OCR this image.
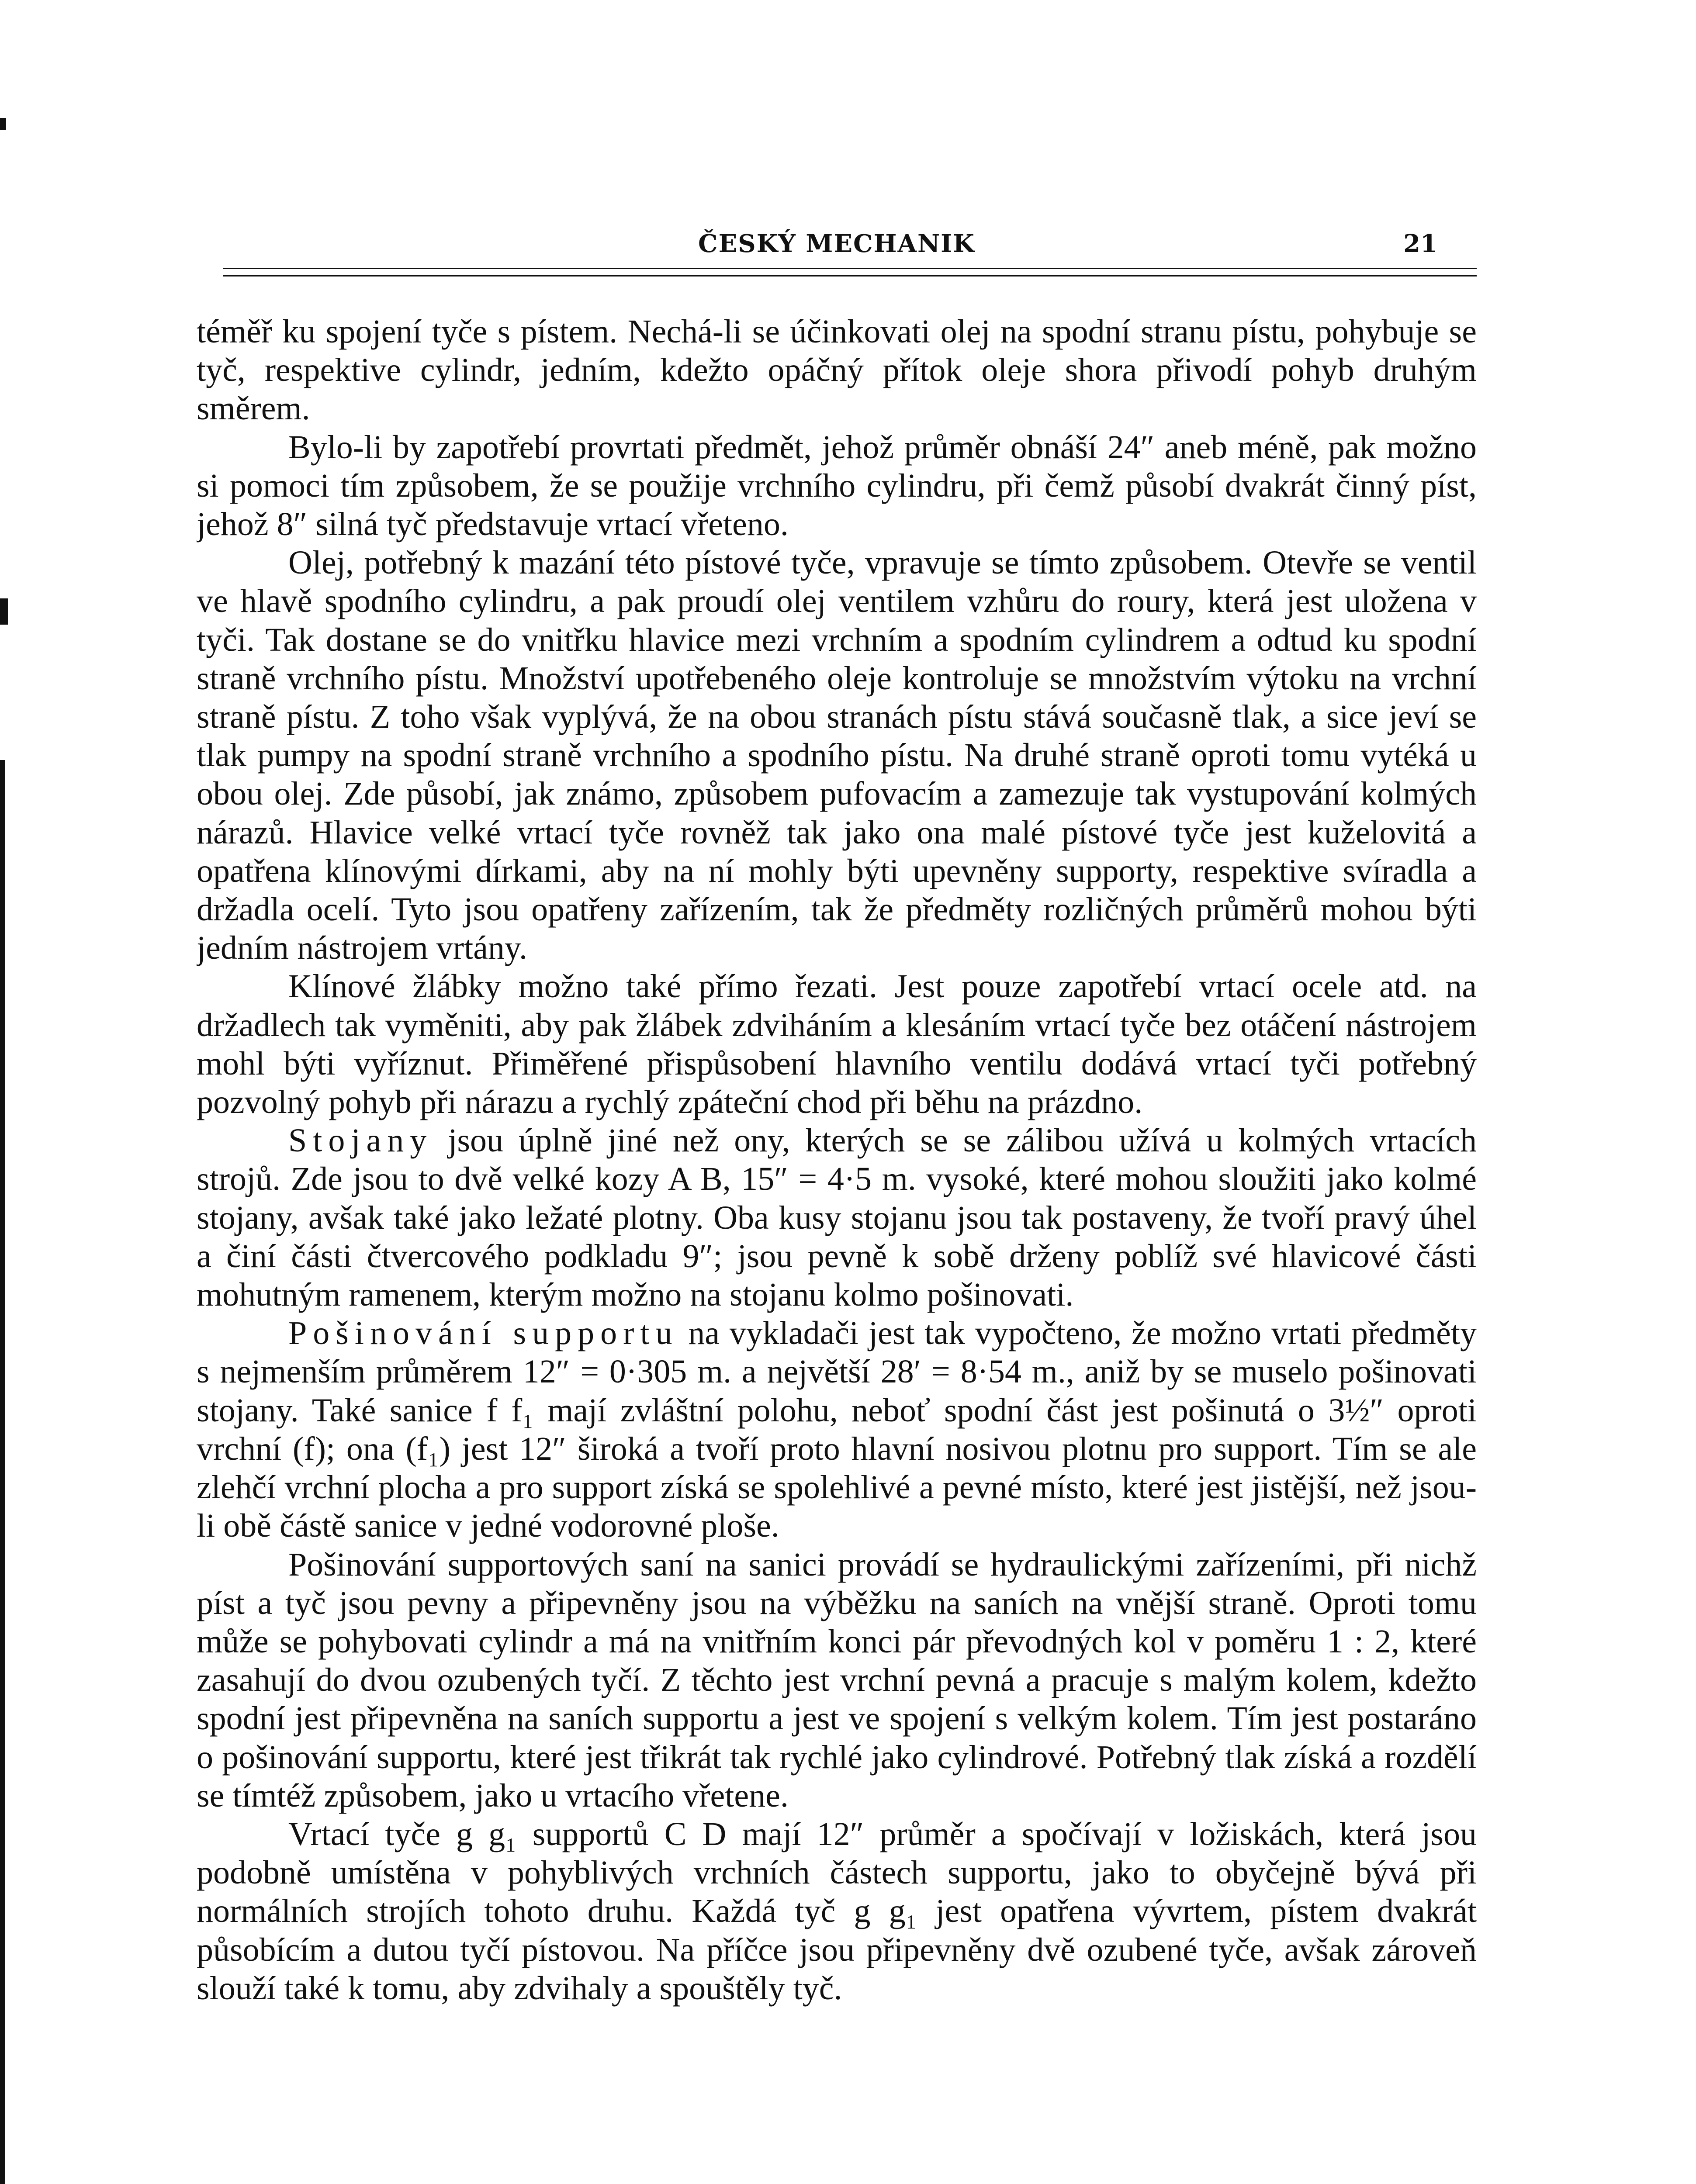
ČESKÝ MECHANIK	21

téměř ku spojení tyče s pístem. Nechá-li se účinkovati olej na spodní stranu pístu, pohybuje se tyč, respektive cylindr, jedním, kdežto opáčný přítok oleje shora přivodí pohyb druhým směrem.

Bylo-li by zapotřebí provrtati předmět, jehož průměr obnáší 24″ aneb méně, pak možno si pomoci tím způsobem, že se použije vrchního cylindru, při čemž působí dvakrát činný píst, jehož 8″ silná tyč představuje vrtací vřeteno.

Olej, potřebný k mazání této pístové tyče, vpravuje se tímto způsobem. Otevře se ventil ve hlavě spodního cylindru, a pak proudí olej ventilem vzhůru do roury, která jest uložena v tyči. Tak dostane se do vnitřku hlavice mezi vrchním a spodním cylindrem a odtud ku spodní straně vrchního pístu. Množství upotřebeného oleje kontroluje se množstvím výtoku na vrchní straně pístu. Z toho však vyplývá, že na obou stranách pístu stává současně tlak, a sice jeví se tlak pumpy na spodní straně vrchního a spodního pístu. Na druhé straně oproti tomu vytéká u obou olej. Zde působí, jak známo, způsobem pufovacím a zamezuje tak vystupování kolmých nárazů. Hlavice velké vrtací tyče rovněž tak jako ona malé pístové tyče jest kuželovitá a opatřena klínovými dírkami, aby na ní mohly býti upevněny supporty, respektive svíradla a držadla ocelí. Tyto jsou opatřeny zařízením, tak že předměty rozličných průměrů mohou býti jedním nástrojem vrtány.

Klínové žlábky možno také přímo řezati. Jest pouze zapotřebí vrtací ocele atd. na držadlech tak vyměniti, aby pak žlábek zdviháním a klesáním vrtací tyče bez otáčení nástrojem mohl býti vyříznut. Přiměřené přispůsobení hlavního ventilu dodává vrtací tyči potřebný pozvolný pohyb při nárazu a rychlý zpáteční chod při běhu na prázdno.

Stojany jsou úplně jiné než ony, kterých se se zálibou užívá u kolmých vrtacích strojů. Zde jsou to dvě velké kozy A B, 15″ = 4·5 m. vysoké, které mohou sloužiti jako kolmé stojany, avšak také jako ležaté plotny. Oba kusy stojanu jsou tak postaveny, že tvoří pravý úhel a činí části čtvercového podkladu 9″; jsou pevně k sobě drženy poblíž své hlavicové části mohutným ramenem, kterým možno na stojanu kolmo pošinovati.

Pošinování supportu na vykladači jest tak vypočteno, že možno vrtati předměty s nejmenším průměrem 12″ = 0·305 m. a největší 28′ = 8·54 m., aniž by se muselo pošinovati stojany. Také sanice f f₁ mají zvláštní polohu, neboť spodní část jest pošinutá o 3½″ oproti vrchní (f); ona (f₁) jest 12″ široká a tvoří proto hlavní nosivou plotnu pro support. Tím se ale zlehčí vrchní plocha a pro support získá se spolehlivé a pevné místo, které jest jistější, než jsou-li obě částě sanice v jedné vodorovné ploše.

Pošinování supportových saní na sanici provádí se hydraulickými zařízeními, při nichž píst a tyč jsou pevny a připevněny jsou na výběžku na saních na vnější straně. Oproti tomu může se pohybovati cylindr a má na vnitřním konci pár převodných kol v poměru 1 : 2, které zasahují do dvou ozubených tyčí. Z těchto jest vrchní pevná a pracuje s malým kolem, kdežto spodní jest připevněna na saních supportu a jest ve spojení s velkým kolem. Tím jest postaráno o pošinování supportu, které jest třikrát tak rychlé jako cylindrové. Potřebný tlak získá a rozdělí se tímtéž způsobem, jako u vrtacího vřetene.

Vrtací tyče g g₁ supportů C D mají 12″ průměr a spočívají v ložiskách, která jsou podobně umístěna v pohyblivých vrchních částech supportu, jako to obyčejně bývá při normálních strojích tohoto druhu. Každá tyč g g₁ jest opatřena vývrtem, pístem dvakrát působícím a dutou tyčí pístovou. Na příčce jsou připevněny dvě ozubené tyče, avšak zároveň slouží také k tomu, aby zdvihaly a spouštěly tyč.
